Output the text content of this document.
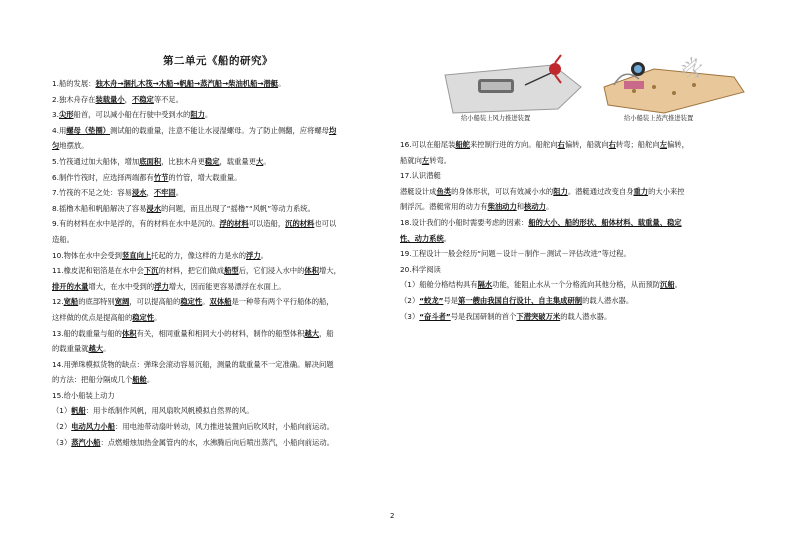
第二单元《船的研究》
1.船的发展：独木舟→捆扎木筏→木船→帆船→蒸汽船→柴油机船→潜艇。
2.独木舟存在装载量小，不稳定等不足。
3.尖形船首，可以减小船在行驶中受到水的阻力。
4.用螺母（垫圈）测试船的载重量，注意不能让水浸湿螺母。为了防止侧翻，应将螺母均
匀地摆放。
5.竹筏通过加大船体，增加底面积，比独木舟更稳定，载重量更大。
6.制作竹筏时，应选择两端都有竹节的竹管，增大载重量。
7.竹筏的不足之处：容易浸水，不牢固。
8.摇橹木船和帆船解决了容易浸水的问题，而且出现了“摇橹”“风帆”等动力系统。
9.有的材料在水中是浮的，有的材料在水中是沉的。浮的材料可以造船，沉的材料也可以
造船。
10.物体在水中会受到竖直向上托起的力，像这样的力是水的浮力。
11.橡皮泥和铝箔是在水中会下沉的材料，把它们做成船型后，它们浸入水中的体积增大，
排开的水量增大，在水中受到的浮力增大，因而能更容易漂浮在水面上。
12.宽船的底部特别宽阔，可以提高船的稳定性。双体船是一种带有两个平行船体的船，
这样做的优点是提高船的稳定性。
13.船的载重量与船的体积有关，相同重量和相同大小的材料，制作的船型体积越大，船
的载重量就越大。
14.用弹珠模拟货物的缺点：弹珠会滚动容易沉船，测量的载重量不一定准确。解决问题
的方法：把船分隔成几个船舱。
15.给小船装上动力
（1）帆船：用卡纸制作风帆，用风扇吹风帆模拟自然界的风。
（2）电动风力小船：用电池带动扇叶转动，风力推进装置向后吹风时，小船向前运动。
（3）蒸汽小船：点燃蜡烛加热金属管内的水，水沸腾后向后喷出蒸汽，小船向前运动。
给小船装上风力推进装置
学
给小船装上蒸汽推进装置
16.可以在船尾装船舵来控制行进的方向。船舵向右偏转，船就向右转弯；船舵向左偏转，
船就向左转弯。
17.认识潜艇
潜艇设计成鱼类的身体形状，可以有效减小水的阻力。潜艇通过改变自身重力的大小来控
制浮沉。潜艇常用的动力有柴油动力和核动力。
18.设计我们的小船时需要考虑的因素：船的大小、船的形状、船体材料、载重量、稳定
性、动力系统。
19.工程设计一般会经历“问题－设计－制作－测试－评估改进”等过程。
20.科学阅读
（1）船舱分格结构具有隔水功能，能阻止水从一个分格流向其他分格，从而预防沉船。
（2）“蛟龙”号是第一艘由我国自行设计、自主集成研制的载人潜水器。
（3）“奋斗者”号是我国研制的首个下潜突破万米的载人潜水器。
2
